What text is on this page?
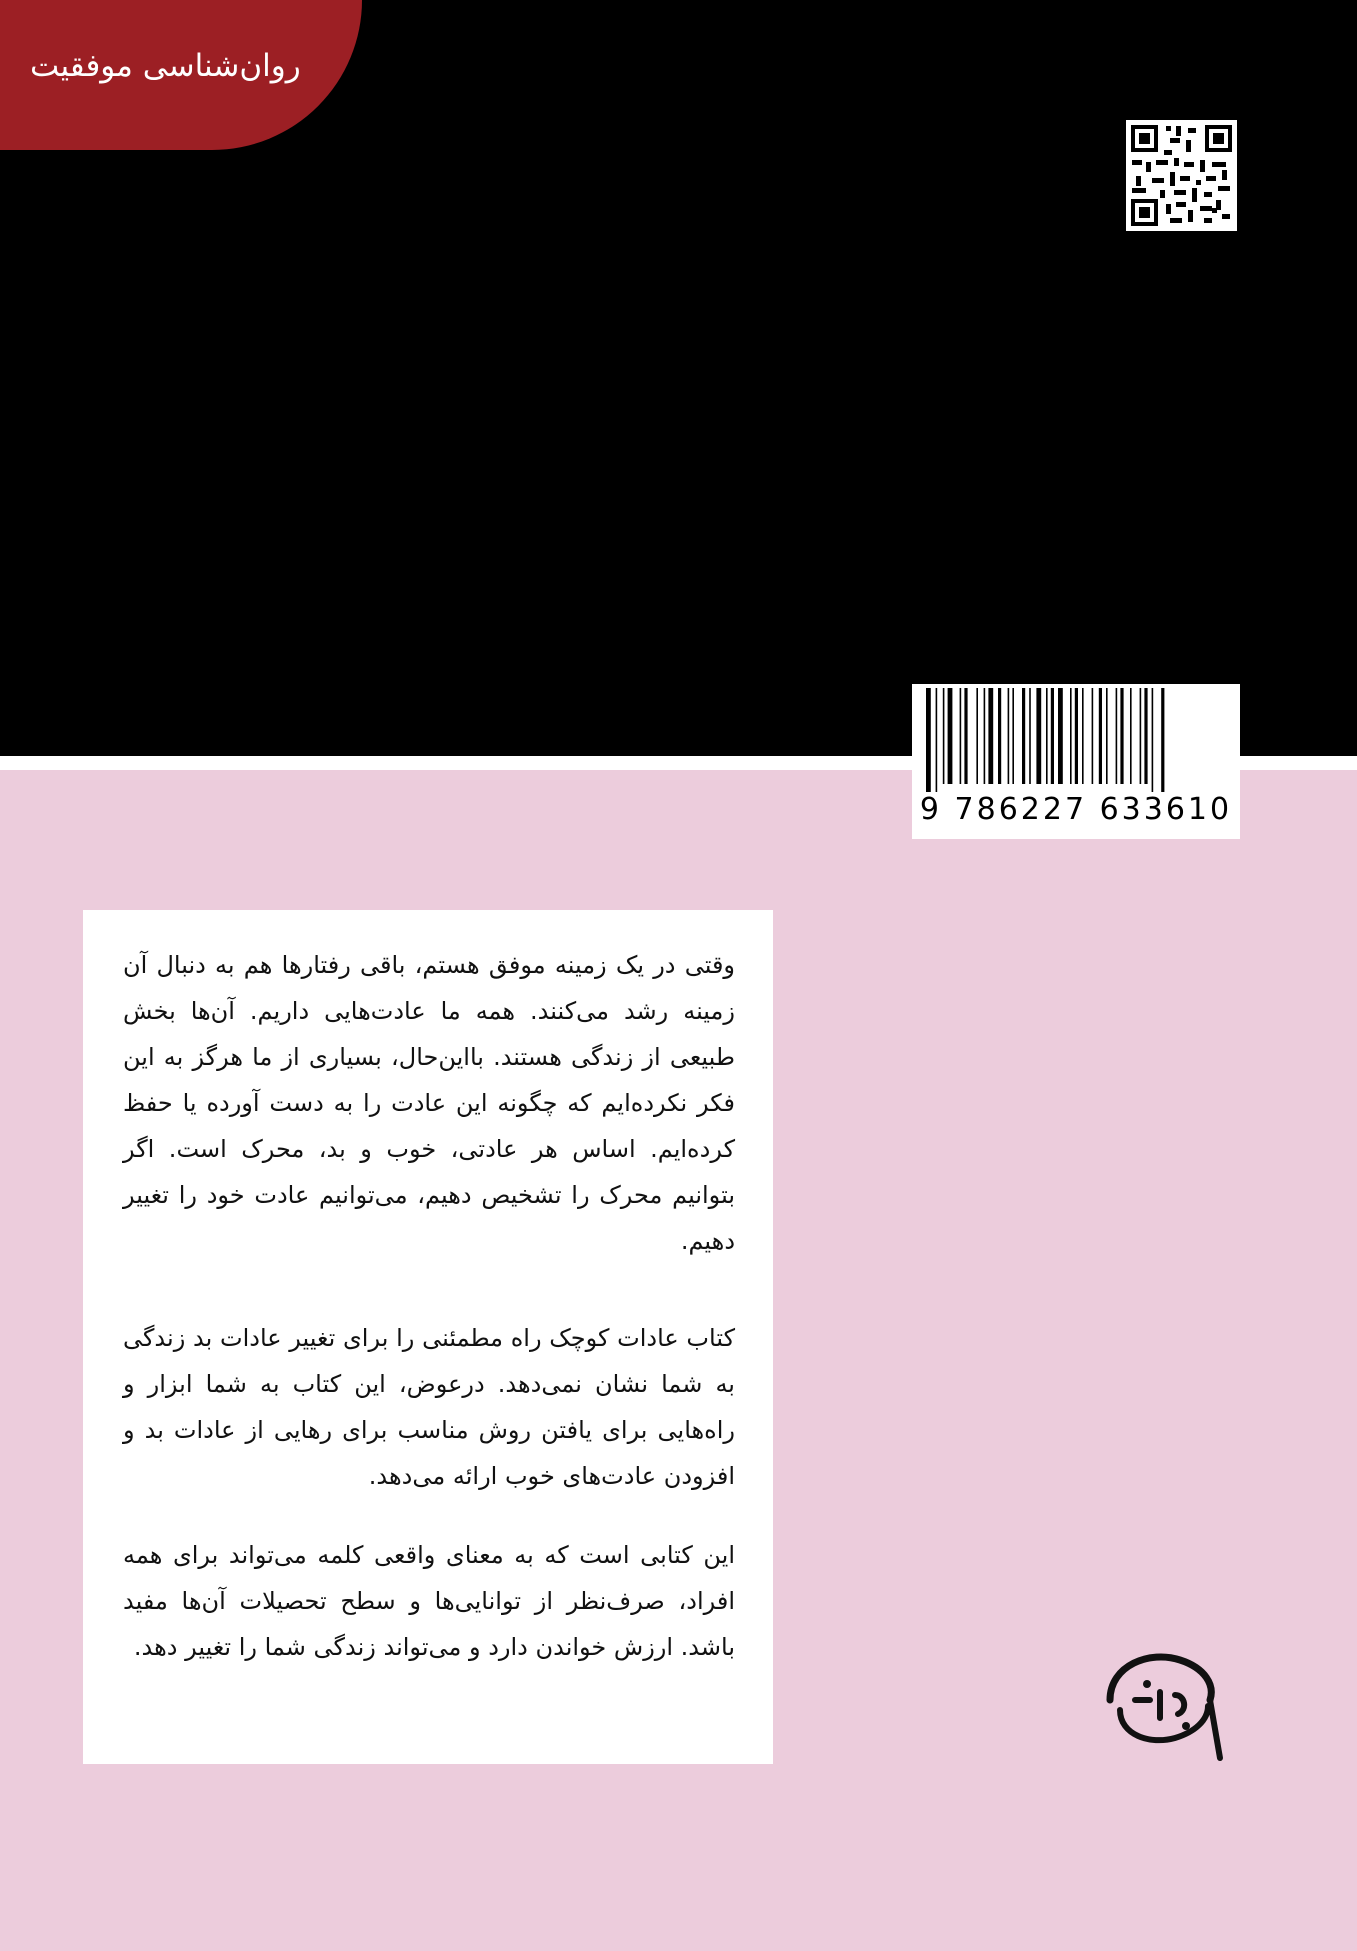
روان‌شناسی موفقیت
9 786227 633610
وقتی در یک زمینه موفق هستم، باقی رفتارها هم به دنبال آن زمینه رشد می‌کنند. همه ما عادت‌هایی داریم. آن‌ها بخش طبیعی از زندگی هستند. بااین‌حال، بسیاری از ما هرگز به این فکر نکرده‌ایم که چگونه این عادت را به دست آورده یا حفظ کرده‌ایم. اساس هر عادتی، خوب و بد، محرک است. اگر بتوانیم محرک را تشخیص دهیم، می‌توانیم عادت خود را تغییر دهیم.
کتاب عادات کوچک راه مطمئنی را برای تغییر عادات بد زندگی به شما نشان نمی‌دهد. درعوض، این کتاب به شما ابزار و راه‌هایی برای یافتن روش مناسب برای رهایی از عادات بد و افزودن عادت‌های خوب ارائه می‌دهد.
این کتابی است که به معنای واقعی کلمه می‌تواند برای همه افراد، صرف‌نظر از توانایی‌ها و سطح تحصیلات آن‌ها مفید باشد. ارزش خواندن دارد و می‌تواند زندگی شما را تغییر دهد.
